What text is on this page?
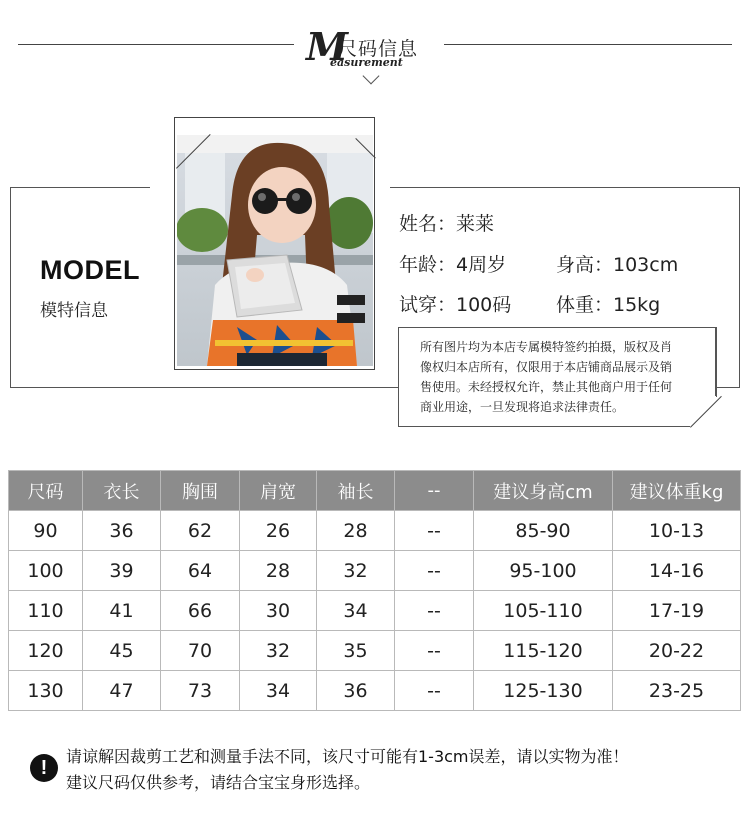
M
尺码信息
easurement
MODEL
模特信息
姓名：莱莱
年龄：4周岁	身高：103cm
试穿：100码 体重：15kg
所有图片均为本店专属模特签约拍摄，版权及肖
像权归本店所有，仅限用于本店铺商品展示及销
售使用。未经授权允许，禁止其他商户用于任何
商业用途，一旦发现将追求法律责任。
尺码	衣长	胸围	肩宽	袖长	--	建议身高cm	建议体重kg
90	36	62	26	28	--	85-90	10-13
100	39	64	28	32	--	95-100	14-16
110	41	66	30	34	--	105-110	17-19
120	45	70	32	35	--	115-120	20-22
130	47	73	34	36	--	125-130	23-25
!
请谅解因裁剪工艺和测量手法不同，该尺寸可能有1-3cm误差，请以实物为准！
建议尺码仅供参考，请结合宝宝身形选择。
